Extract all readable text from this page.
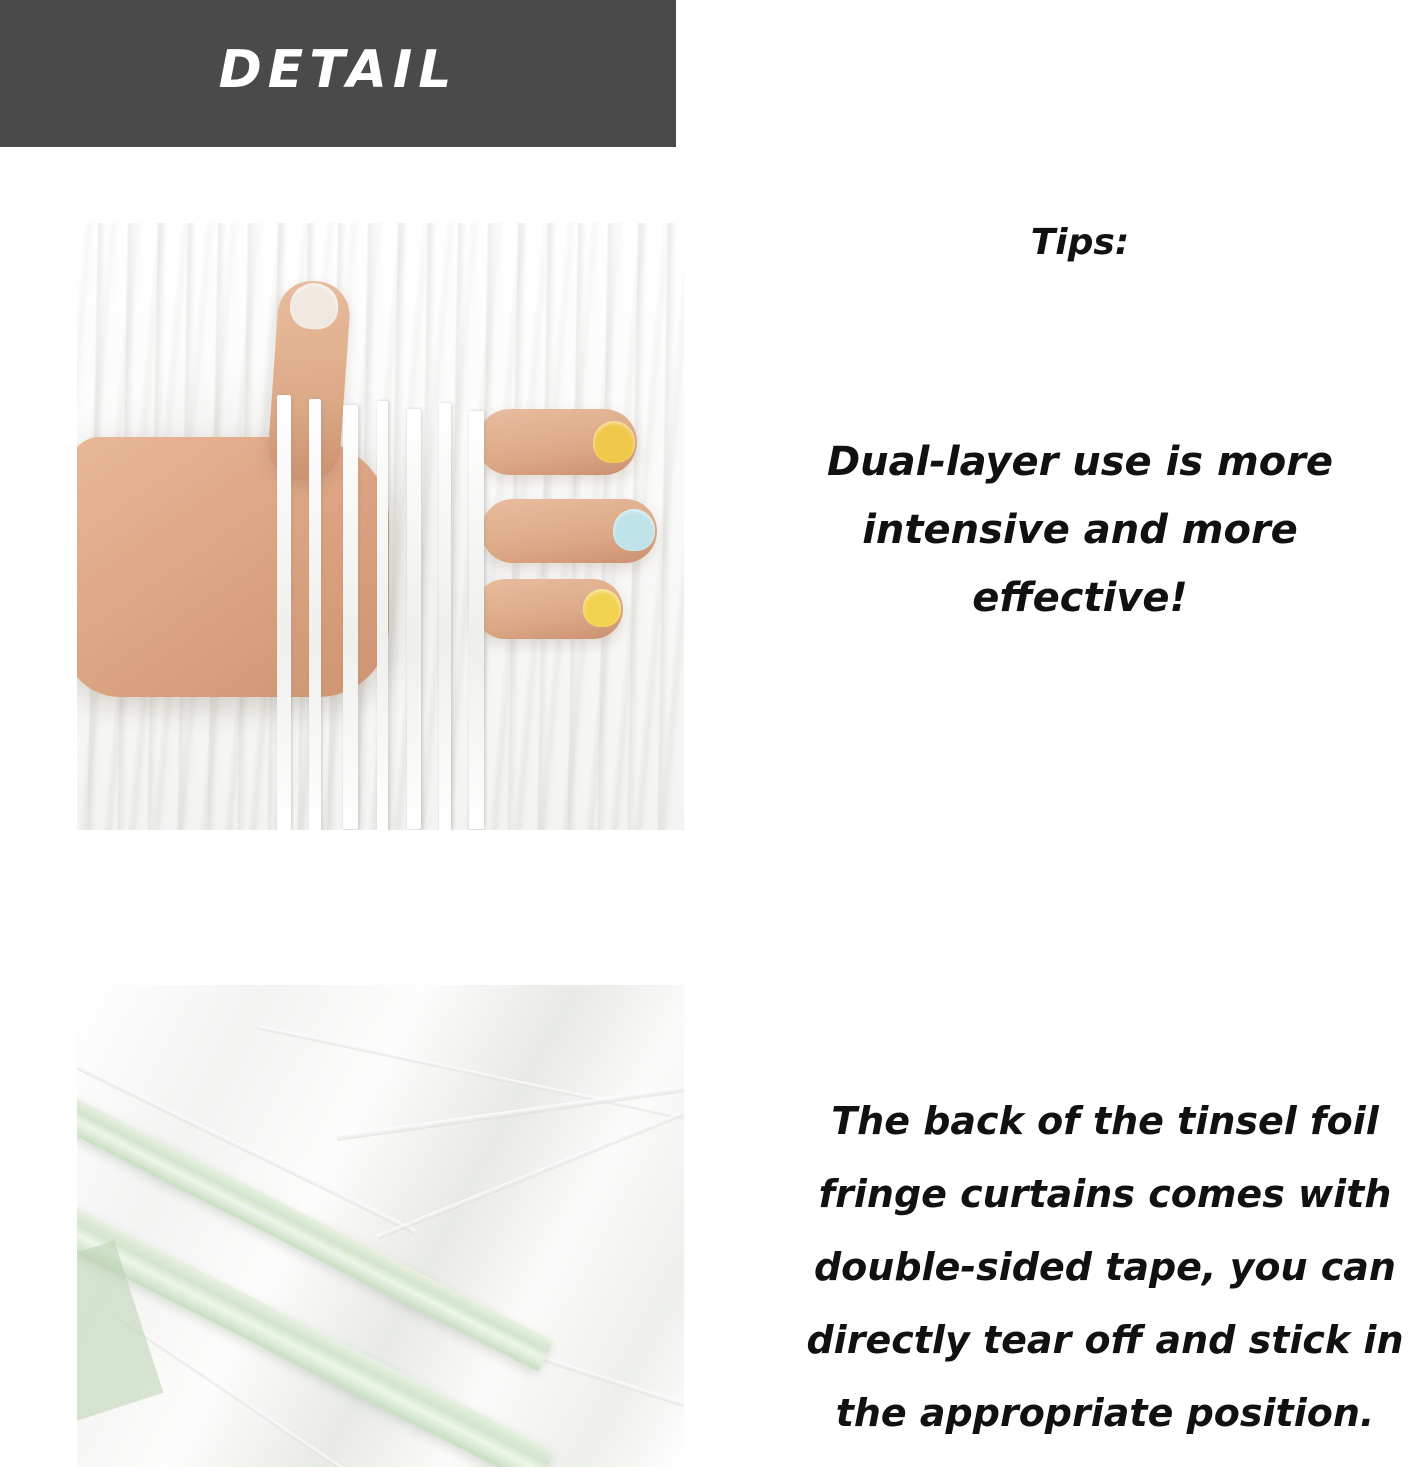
DETAIL
Tips:
Dual-layer use is more intensive and more effective!
The back of the tinsel foil fringe curtains comes with double-sided tape, you can directly tear off and stick in the appropriate position.
